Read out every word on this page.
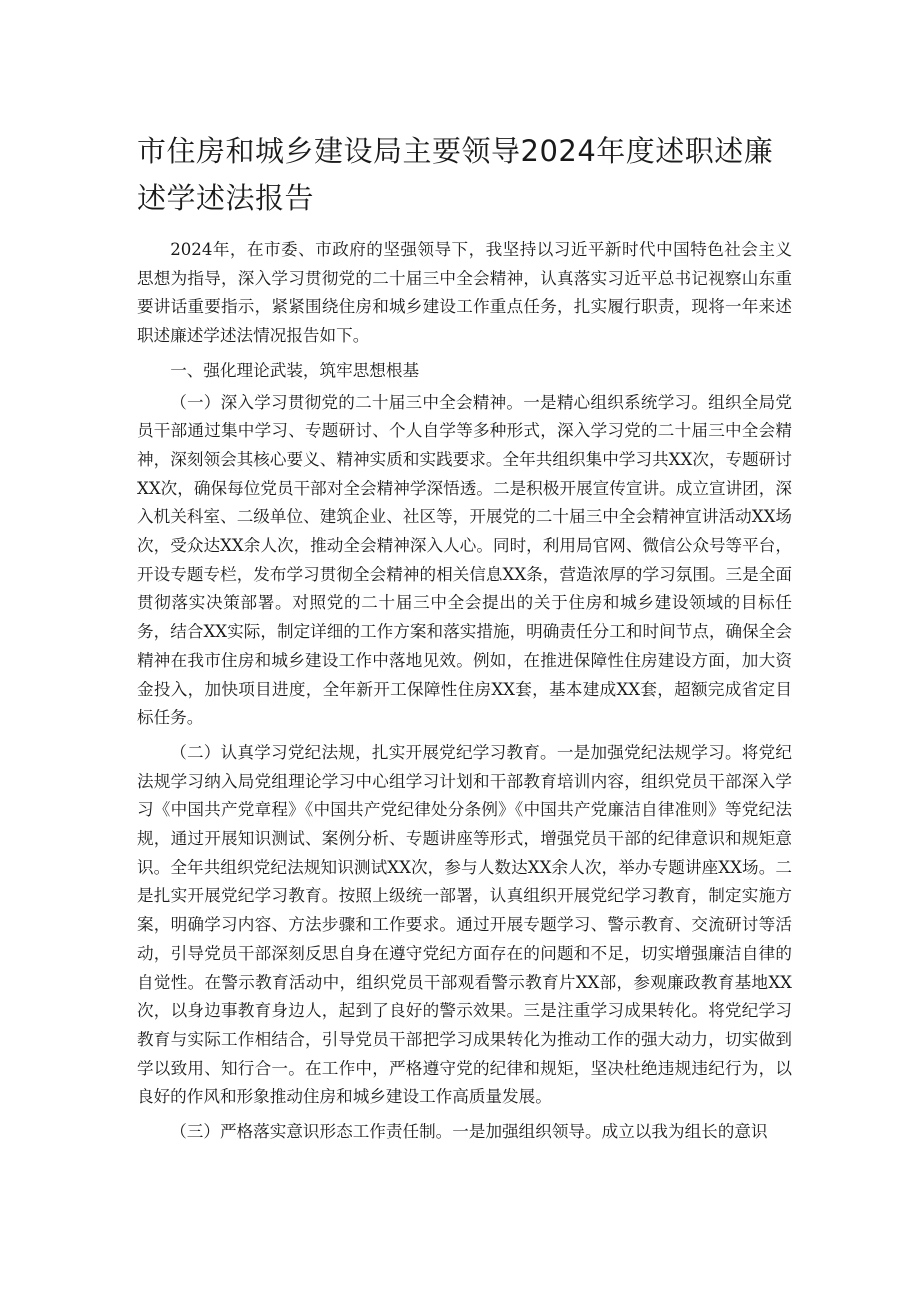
市住房和城乡建设局主要领导2024年度述职述廉述学述法报告

2024年，在市委、市政府的坚强领导下，我坚持以习近平新时代中国特色社会主义思想为指导，深入学习贯彻党的二十届三中全会精神，认真落实习近平总书记视察山东重要讲话重要指示，紧紧围绕住房和城乡建设工作重点任务，扎实履行职责，现将一年来述职述廉述学述法情况报告如下。

一、强化理论武装，筑牢思想根基

（一）深入学习贯彻党的二十届三中全会精神。一是精心组织系统学习。组织全局党员干部通过集中学习、专题研讨、个人自学等多种形式，深入学习党的二十届三中全会精神，深刻领会其核心要义、精神实质和实践要求。全年共组织集中学习共XX次，专题研讨XX次，确保每位党员干部对全会精神学深悟透。二是积极开展宣传宣讲。成立宣讲团，深入机关科室、二级单位、建筑企业、社区等，开展党的二十届三中全会精神宣讲活动XX场次，受众达XX余人次，推动全会精神深入人心。同时，利用局官网、微信公众号等平台，开设专题专栏，发布学习贯彻全会精神的相关信息XX条，营造浓厚的学习氛围。三是全面贯彻落实决策部署。对照党的二十届三中全会提出的关于住房和城乡建设领域的目标任务，结合XX实际，制定详细的工作方案和落实措施，明确责任分工和时间节点，确保全会精神在我市住房和城乡建设工作中落地见效。例如，在推进保障性住房建设方面，加大资金投入，加快项目进度，全年新开工保障性住房XX套，基本建成XX套，超额完成省定目标任务。

（二）认真学习党纪法规，扎实开展党纪学习教育。一是加强党纪法规学习。将党纪法规学习纳入局党组理论学习中心组学习计划和干部教育培训内容，组织党员干部深入学习《中国共产党章程》《中国共产党纪律处分条例》《中国共产党廉洁自律准则》等党纪法规，通过开展知识测试、案例分析、专题讲座等形式，增强党员干部的纪律意识和规矩意识。全年共组织党纪法规知识测试XX次，参与人数达XX余人次，举办专题讲座XX场。二是扎实开展党纪学习教育。按照上级统一部署，认真组织开展党纪学习教育，制定实施方案，明确学习内容、方法步骤和工作要求。通过开展专题学习、警示教育、交流研讨等活动，引导党员干部深刻反思自身在遵守党纪方面存在的问题和不足，切实增强廉洁自律的自觉性。在警示教育活动中，组织党员干部观看警示教育片XX部，参观廉政教育基地XX次，以身边事教育身边人，起到了良好的警示效果。三是注重学习成果转化。将党纪学习教育与实际工作相结合，引导党员干部把学习成果转化为推动工作的强大动力，切实做到学以致用、知行合一。在工作中，严格遵守党的纪律和规矩，坚决杜绝违规违纪行为，以良好的作风和形象推动住房和城乡建设工作高质量发展。

（三）严格落实意识形态工作责任制。一是加强组织领导。成立以我为组长的意识
